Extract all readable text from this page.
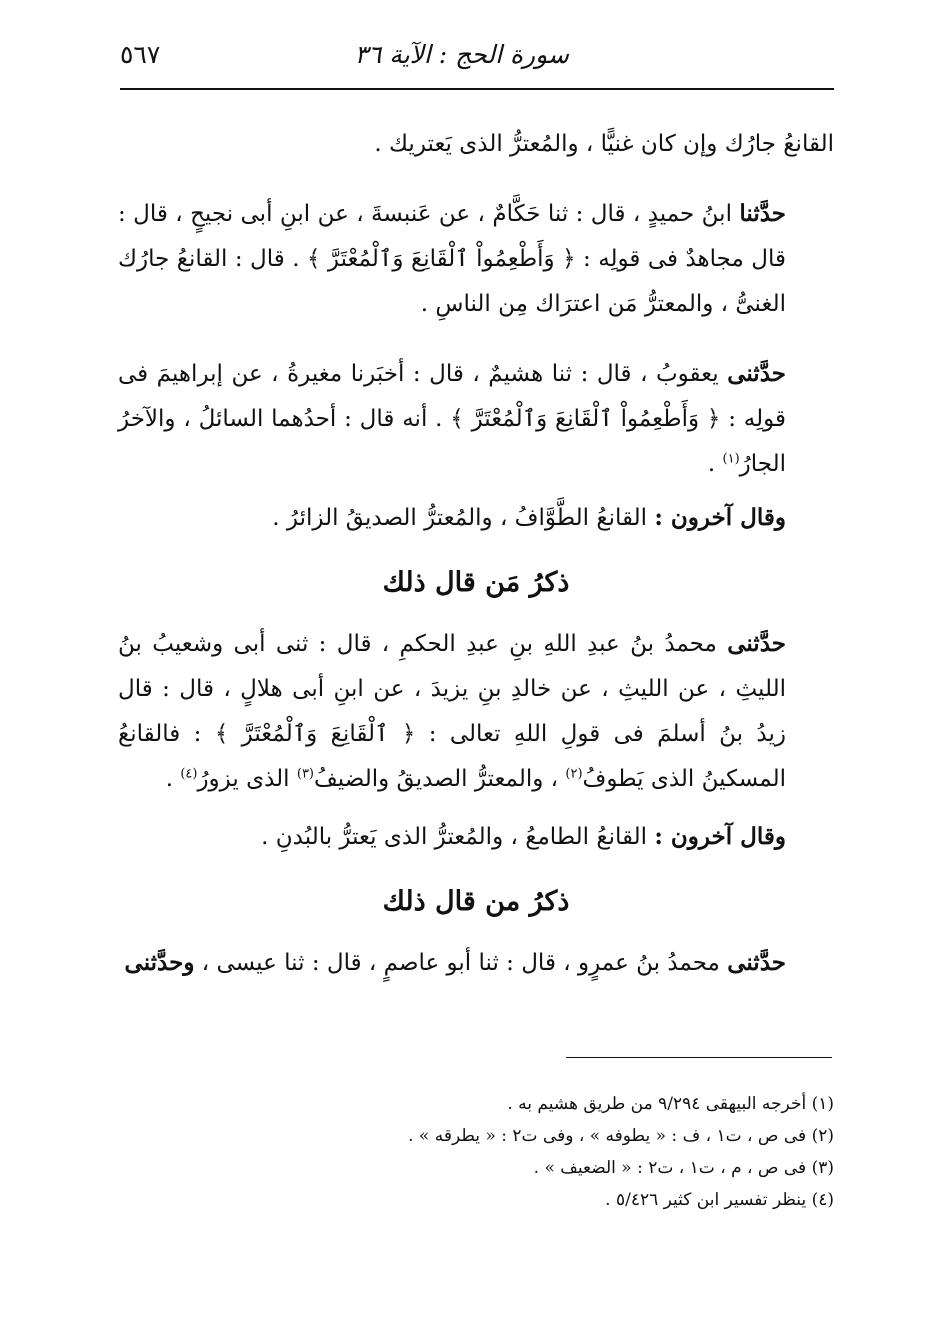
سورة الحج : الآية ٣٦
٥٦٧

القانعُ جارُك وإن كان غنيًّا ، والمُعترُّ الذى يَعتريك .

حدَّثنا ابنُ حميدٍ ، قال : ثنا حَكَّامٌ ، عن عَنبسةَ ، عن ابنِ أبى نجيحٍ ، قال : قال مجاهدٌ فى قولِه : ﴿ وَأَطْعِمُواْ ٱلْقَانِعَ وَٱلْمُعْتَرَّ ﴾ . قال : القانعُ جارُك الغنىُّ ، والمعترُّ مَن اعترَاك مِن الناسِ .

حدَّثنى يعقوبُ ، قال : ثنا هشيمٌ ، قال : أخبَرنا مغيرةُ ، عن إبراهيمَ فى قولِه : ﴿ وَأَطْعِمُواْ ٱلْقَانِعَ وَٱلْمُعْتَرَّ ﴾ . أنه قال : أحدُهما السائلُ ، والآخرُ الجارُ$^{(١)}$ .

وقال آخرون : القانعُ الطَّوَّافُ ، والمُعترُّ الصديقُ الزائرُ .

ذكرُ مَن قال ذلك

حدَّثنى محمدُ بنُ عبدِ اللهِ بنِ عبدِ الحكمِ ، قال : ثنى أبى وشعيبُ بنُ الليثِ ، عن الليثِ ، عن خالدِ بنِ يزيدَ ، عن ابنِ أبى هلالٍ ، قال : قال زيدُ بنُ أسلمَ فى قولِ اللهِ تعالى : ﴿ ٱلْقَانِعَ وَٱلْمُعْتَرَّ ﴾ : فالقانعُ المسكينُ الذى يَطوفُ$^{(٢)}$ ، والمعترُّ الصديقُ والضيفُ$^{(٣)}$ الذى يزورُ$^{(٤)}$ .

وقال آخرون : القانعُ الطامعُ ، والمُعترُّ الذى يَعترُّ بالبُدنِ .

ذكرُ من قال ذلك

حدَّثنى محمدُ بنُ عمرٍو ، قال : ثنا أبو عاصمٍ ، قال : ثنا عيسى ، وحدَّثنى

(١) أخرجه البيهقى ٩/٢٩٤ من طريق هشيم به .
(٢) فى ص ، ت١ ، ف : « يطوفه » ، وفى ت٢ : « يطرقه » .
(٣) فى ص ، م ، ت١ ، ت٢ : « الضعيف » .
(٤) ينظر تفسير ابن كثير ٥/٤٢٦ .
